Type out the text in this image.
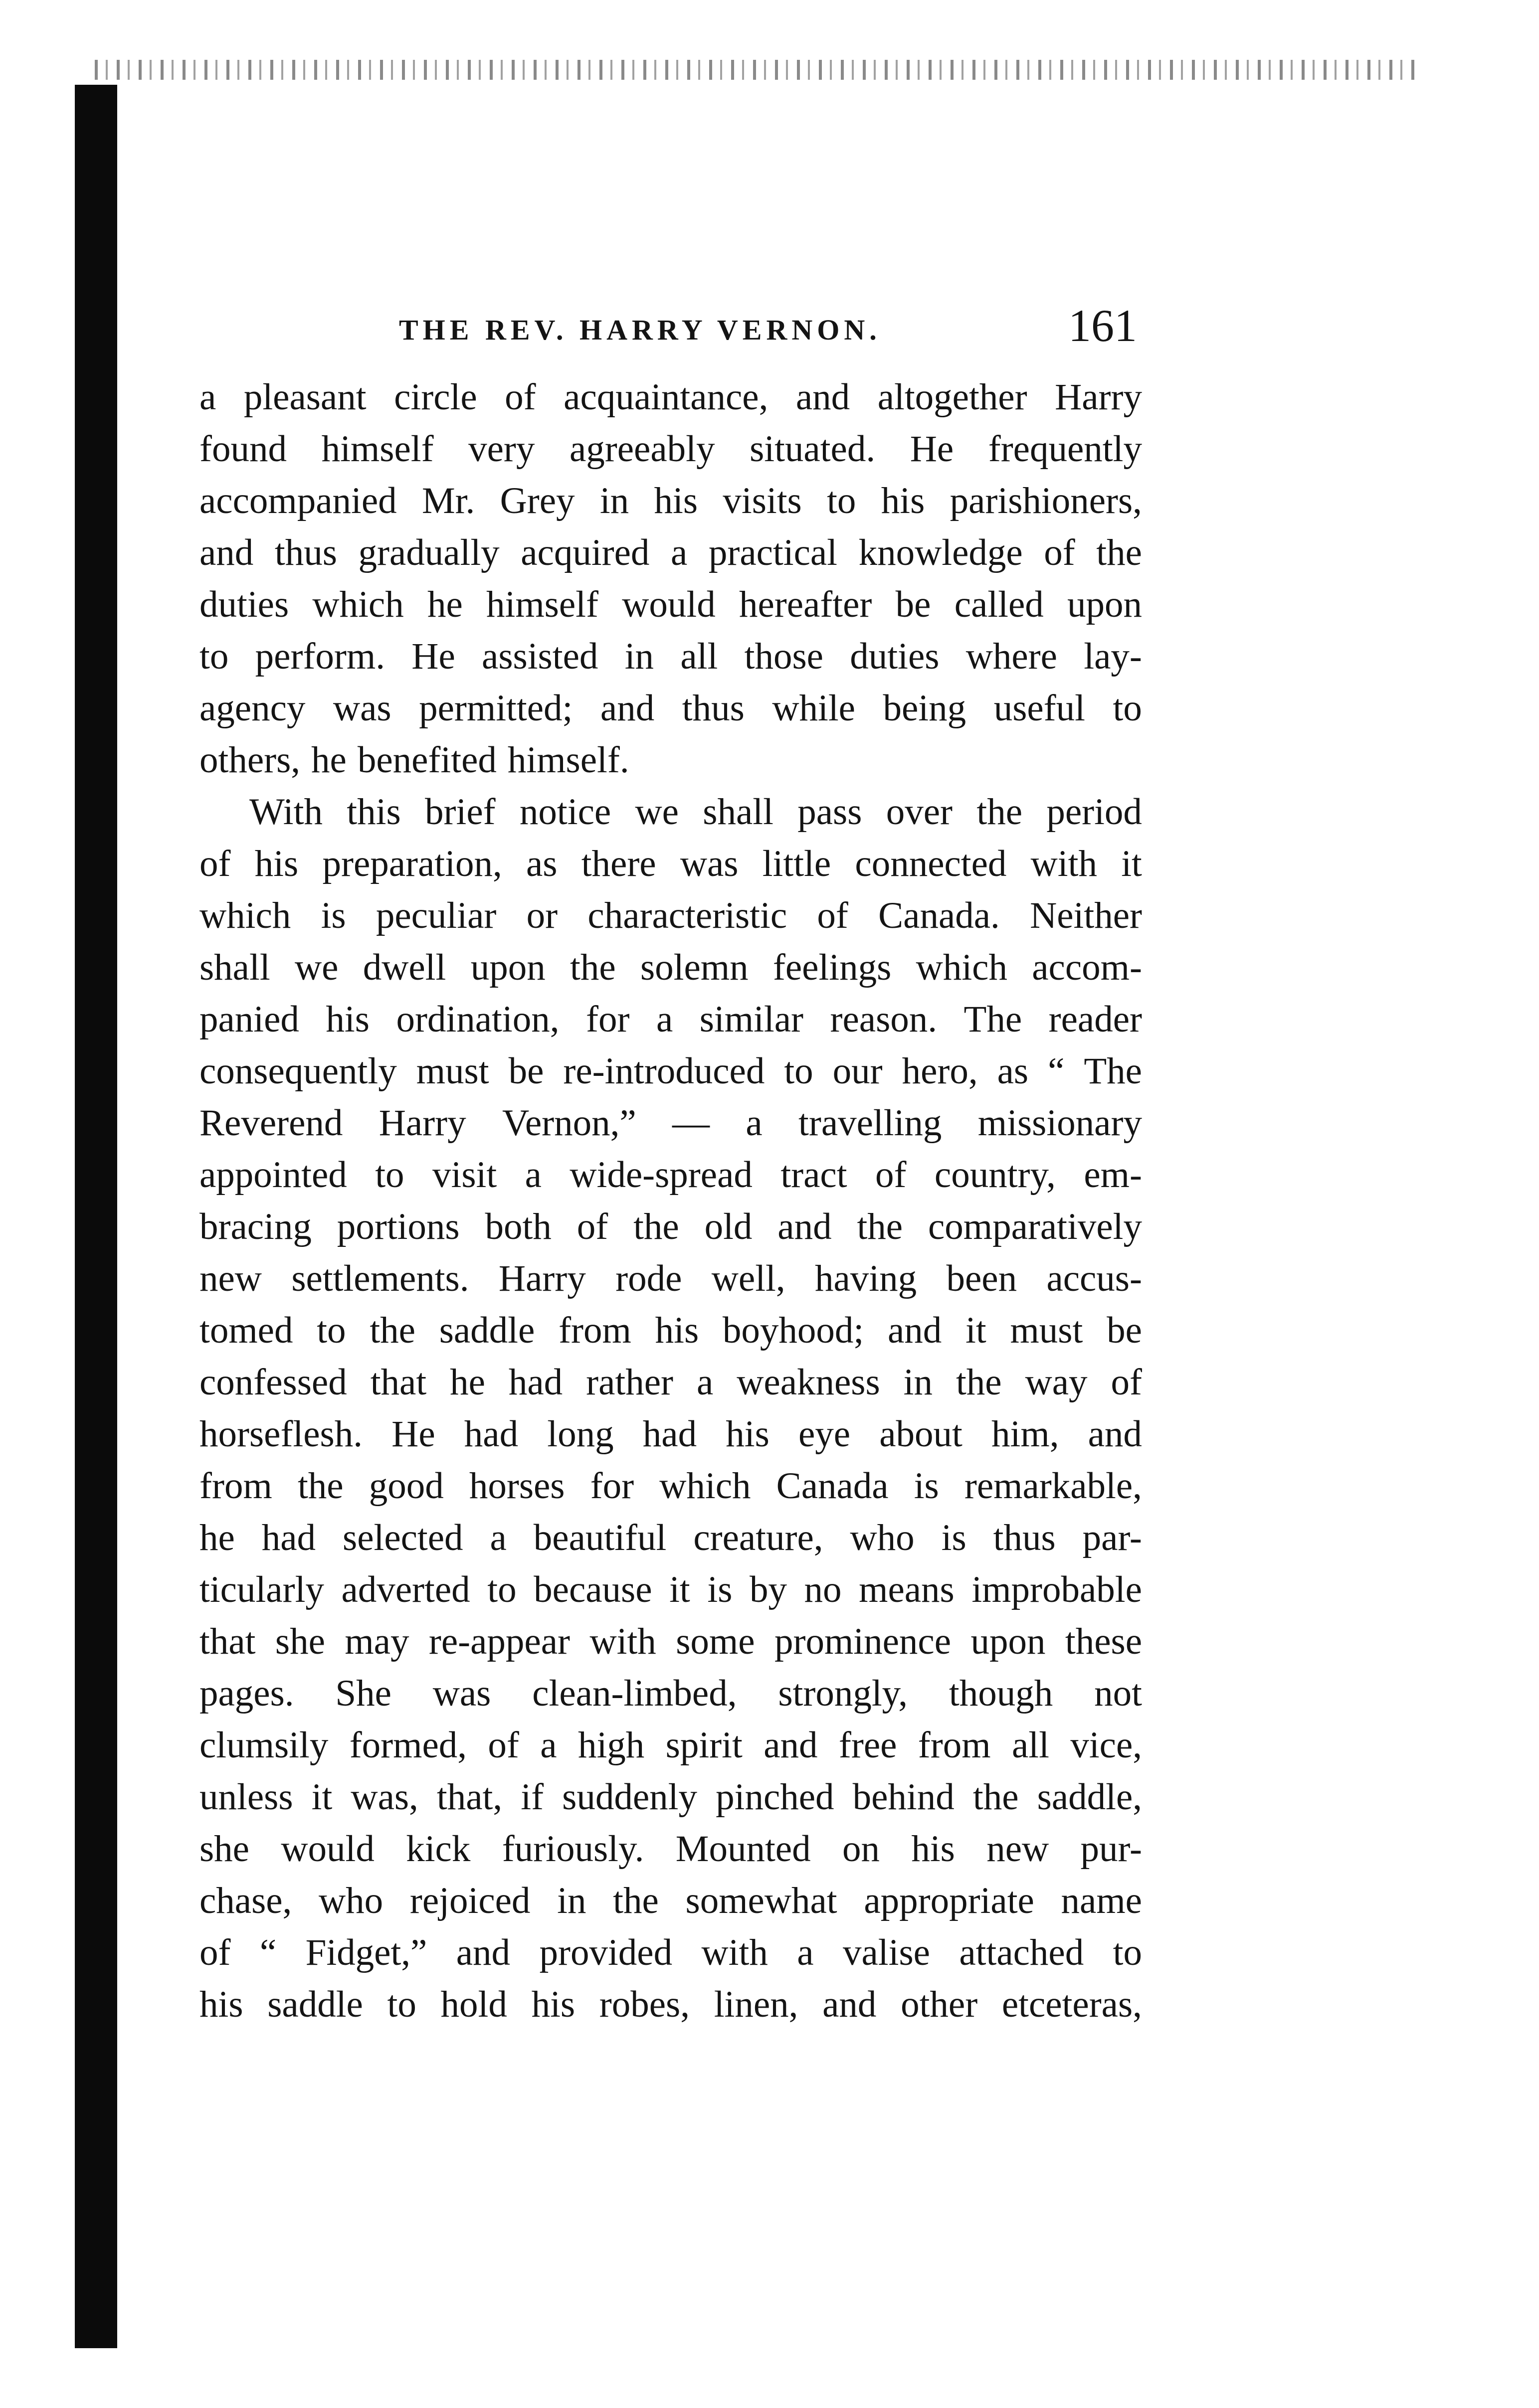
THE REV. HARRY VERNON.	161
a pleasant circle of acquaintance, and altogether Harry
found himself very agreeably situated. He frequently
accompanied Mr. Grey in his visits to his parishioners,
and thus gradually acquired a practical knowledge of the
duties which he himself would hereafter be called upon
to perform. He assisted in all those duties where lay-
agency was permitted; and thus while being useful to
others, he benefited himself.
With this brief notice we shall pass over the period
of his preparation, as there was little connected with it
which is peculiar or characteristic of Canada. Neither
shall we dwell upon the solemn feelings which accom-
panied his ordination, for a similar reason. The reader
consequently must be re-introduced to our hero, as “ The
Reverend Harry Vernon,” — a travelling missionary
appointed to visit a wide-spread tract of country, em-
bracing portions both of the old and the comparatively
new settlements. Harry rode well, having been accus-
tomed to the saddle from his boyhood; and it must be
confessed that he had rather a weakness in the way of
horseflesh. He had long had his eye about him, and
from the good horses for which Canada is remarkable,
he had selected a beautiful creature, who is thus par-
ticularly adverted to because it is by no means improbable
that she may re-appear with some prominence upon these
pages. She was clean-limbed, strongly, though not
clumsily formed, of a high spirit and free from all vice,
unless it was, that, if suddenly pinched behind the saddle,
she would kick furiously. Mounted on his new pur-
chase, who rejoiced in the somewhat appropriate name
of “ Fidget,” and provided with a valise attached to
his saddle to hold his robes, linen, and other etceteras,
